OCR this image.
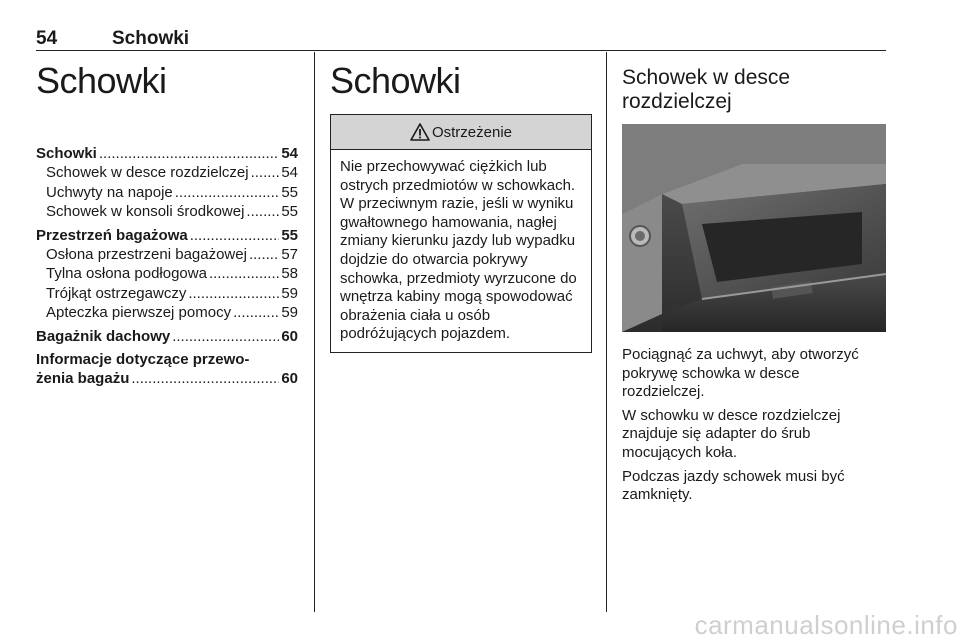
54	Schowki
Schowki
Schowki .....	54
Schowek w desce rozdzielczej ..... 54
Uchwyty na napoje .....	55
Schowek w konsoli środkowej ..... 55
Przestrzeń bagażowa .....	55
Osłona przestrzeni bagażowej ..... 57
Tylna osłona podłogowa .....	58
Trójkąt ostrzegawczy .....	59
Apteczka pierwszej pomocy .....	59
Bagażnik dachowy .....	60
Informacje dotyczące przewo-
żenia bagażu .....	60
Schowki
Ostrzeżenie
Nie przechowywać ciężkich lub ostrych przedmiotów w schowkach. W przeciwnym razie, jeśli w wyniku gwałtownego hamowania, nagłej zmiany kierunku jazdy lub wypadku dojdzie do otwarcia pokrywy schowka, przedmioty wyrzucone do wnętrza kabiny mogą spowodować obrażenia ciała u osób podróżujących pojazdem.
Schowek w desce
rozdzielczej

Pociągnąć za uchwyt, aby otworzyć pokrywę schowka w desce rozdzielczej.

W schowku w desce rozdzielczej znajduje się adapter do śrub mocujących koła.

Podczas jazdy schowek musi być zamknięty.

carmanualsonline.info
